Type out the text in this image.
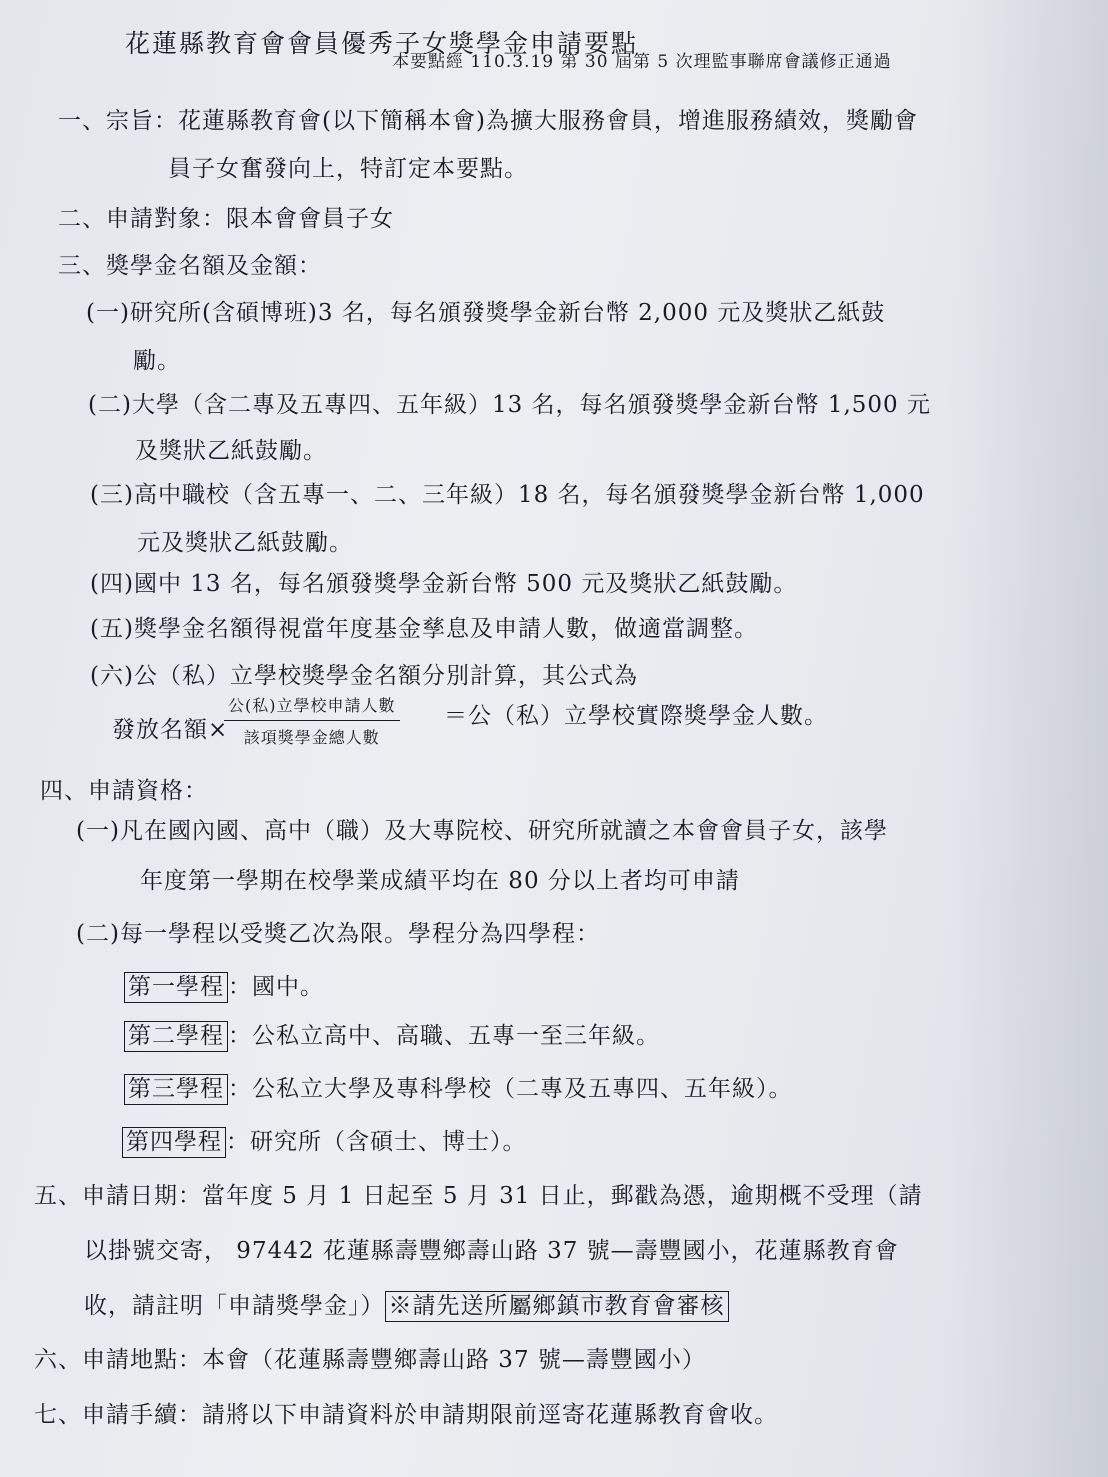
花蓮縣教育會會員優秀子女獎學金申請要點
本要點經 110.3.19 第 30 屆第 5 次理監事聯席會議修正通過
一、宗旨：花蓮縣教育會(以下簡稱本會)為擴大服務會員，增進服務績效，獎勵會
員子女奮發向上，特訂定本要點。
二、申請對象：限本會會員子女
三、獎學金名額及金額：
(一)研究所(含碩博班)3 名，每名頒發獎學金新台幣 2,000 元及獎狀乙紙鼓
勵。
(二)大學（含二專及五專四、五年級）13 名，每名頒發獎學金新台幣 1,500 元
及獎狀乙紙鼓勵。
(三)高中職校（含五專一、二、三年級）18 名，每名頒發獎學金新台幣 1,000
元及獎狀乙紙鼓勵。
(四)國中 13 名，每名頒發獎學金新台幣 500 元及獎狀乙紙鼓勵。
(五)獎學金名額得視當年度基金孳息及申請人數，做適當調整。
(六)公（私）立學校獎學金名額分別計算，其公式為
發放名額×
公(私)立學校申請人數
該項獎學金總人數
＝公（私）立學校實際獎學金人數。
四、申請資格：
(一)凡在國內國、高中（職）及大專院校、研究所就讀之本會會員子女，該學
年度第一學期在校學業成績平均在 80 分以上者均可申請
(二)每一學程以受獎乙次為限。學程分為四學程：
第一學程 ：國中。
第二學程 ：公私立高中、高職、五專一至三年級。
第三學程 ：公私立大學及專科學校（二專及五專四、五年級）。
第四學程 ：研究所（含碩士、博士）。
五、申請日期：當年度 5 月 1 日起至 5 月 31 日止，郵戳為憑，逾期概不受理（請
以掛號交寄， 97442 花蓮縣壽豐鄉壽山路 37 號—壽豐國小，花蓮縣教育會
收，請註明「申請獎學金」） ※請先送所屬鄉鎮市教育會審核
六、申請地點：本會（花蓮縣壽豐鄉壽山路 37 號—壽豐國小）
七、申請手續：請將以下申請資料於申請期限前逕寄花蓮縣教育會收。
